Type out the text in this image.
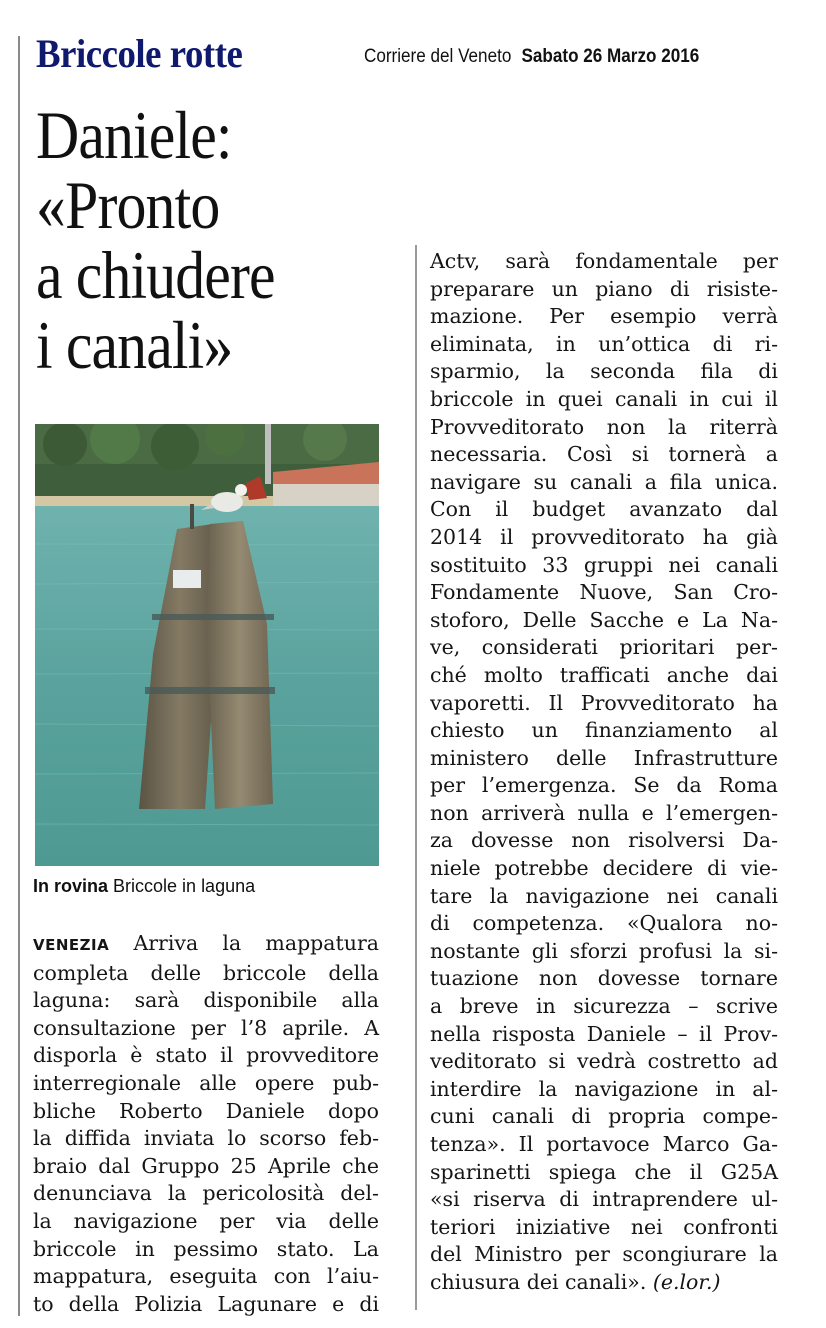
Briccole rotte	Corriere del Veneto Sabato 26 Marzo 2016
Daniele:
«Pronto
a chiudere
i canali»
In rovina Briccole in laguna
VENEZIA Arriva la mappatura
completa delle briccole della
laguna: sarà disponibile alla
consultazione per l’8 aprile. A
disporla è stato il provveditore
interregionale alle opere pub-
bliche Roberto Daniele dopo
la diffida inviata lo scorso feb-
braio dal Gruppo 25 Aprile che
denunciava la pericolosità del-
la navigazione per via delle
briccole in pessimo stato. La
mappatura, eseguita con l’aiu-
to della Polizia Lagunare e di
Actv, sarà fondamentale per
preparare un piano di risiste-
mazione. Per esempio verrà
eliminata, in un’ottica di ri-
sparmio, la seconda fila di
briccole in quei canali in cui il
Provveditorato non la riterrà
necessaria. Così si tornerà a
navigare su canali a fila unica.
Con il budget avanzato dal
2014 il provveditorato ha già
sostituito 33 gruppi nei canali
Fondamente Nuove, San Cro-
stoforo, Delle Sacche e La Na-
ve, considerati prioritari per-
ché molto trafficati anche dai
vaporetti. Il Provveditorato ha
chiesto un finanziamento al
ministero delle Infrastrutture
per l’emergenza. Se da Roma
non arriverà nulla e l’emergen-
za dovesse non risolversi Da-
niele potrebbe decidere di vie-
tare la navigazione nei canali
di competenza. «Qualora no-
nostante gli sforzi profusi la si-
tuazione non dovesse tornare
a breve in sicurezza – scrive
nella risposta Daniele – il Prov-
veditorato si vedrà costretto ad
interdire la navigazione in al-
cuni canali di propria compe-
tenza». Il portavoce Marco Ga-
sparinetti spiega che il G25A
«si riserva di intraprendere ul-
teriori iniziative nei confronti
del Ministro per scongiurare la
chiusura dei canali». (e.lor.)
